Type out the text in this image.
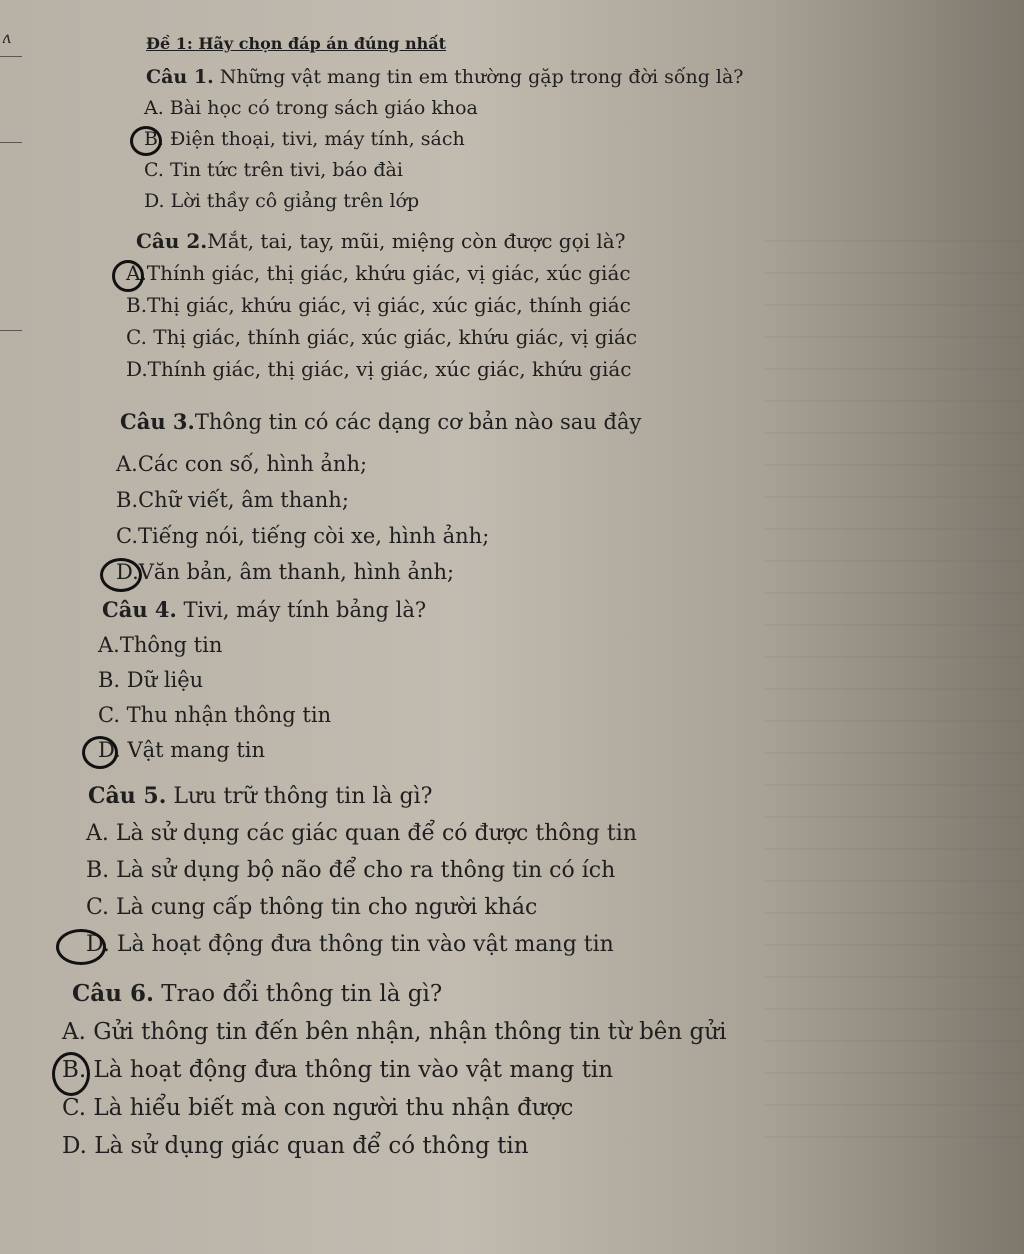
ʌ	Đề 1: Hãy chọn đáp án đúng nhất
Câu 1. Những vật mang tin em thường gặp trong đời sống là?
A. Bài học có trong sách giáo khoa
B. Điện thoại, tivi, máy tính, sách
C. Tin tức trên tivi, báo đài
D. Lời thầy cô giảng trên lớp
Câu 2.Mắt, tai, tay, mũi, miệng còn được gọi là?
A.Thính giác, thị giác, khứu giác, vị giác, xúc giác
B.Thị giác, khứu giác, vị giác, xúc giác, thính giác
C. Thị giác, thính giác, xúc giác, khứu giác, vị giác
D.Thính giác, thị giác, vị giác, xúc giác, khứu giác
Câu 3.Thông tin có các dạng cơ bản nào sau đây
A.Các con số, hình ảnh;
B.Chữ viết, âm thanh;
C.Tiếng nói, tiếng còi xe, hình ảnh;
D.Văn bản, âm thanh, hình ảnh;
Câu 4. Tivi, máy tính bảng là?
A.Thông tin
B. Dữ liệu
C. Thu nhận thông tin
D. Vật mang tin
Câu 5. Lưu trữ thông tin là gì?
A. Là sử dụng các giác quan để có được thông tin
B. Là sử dụng bộ não để cho ra thông tin có ích
C. Là cung cấp thông tin cho người khác
D. Là hoạt động đưa thông tin vào vật mang tin
Câu 6. Trao đổi thông tin là gì?
A. Gửi thông tin đến bên nhận, nhận thông tin từ bên gửi
B. Là hoạt động đưa thông tin vào vật mang tin
C. Là hiểu biết mà con người thu nhận được
D. Là sử dụng giác quan để có thông tin
